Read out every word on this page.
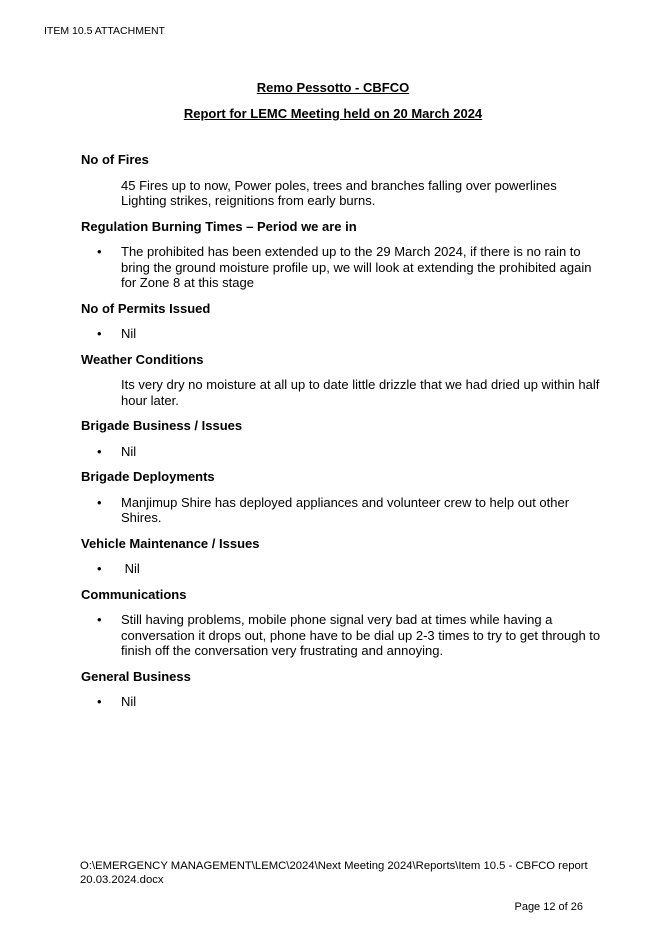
ITEM 10.5 ATTACHMENT
Remo Pessotto - CBFCO
Report for LEMC Meeting held on 20 March 2024

No of Fires

45 Fires up to now, Power poles, trees and branches falling over powerlines
Lighting strikes, reignitions from early burns.

Regulation Burning Times – Period we are in

• The prohibited has been extended up to the 29 March 2024, if there is no rain to bring the ground moisture profile up, we will look at extending the prohibited again for Zone 8 at this stage

No of Permits Issued

• Nil

Weather Conditions

Its very dry no moisture at all up to date little drizzle that we had dried up within half hour later.

Brigade Business / Issues

• Nil

Brigade Deployments

• Manjimup Shire has deployed appliances and volunteer crew to help out other Shires.

Vehicle Maintenance / Issues

• Nil

Communications

• Still having problems, mobile phone signal very bad at times while having a conversation it drops out, phone have to be dial up 2-3 times to try to get through to finish off the conversation very frustrating and annoying.

General Business

• Nil
O:\EMERGENCY MANAGEMENT\LEMC\2024\Next Meeting 2024\Reports\Item 10.5 - CBFCO report 20.03.2024.docx
Page 12 of 26
